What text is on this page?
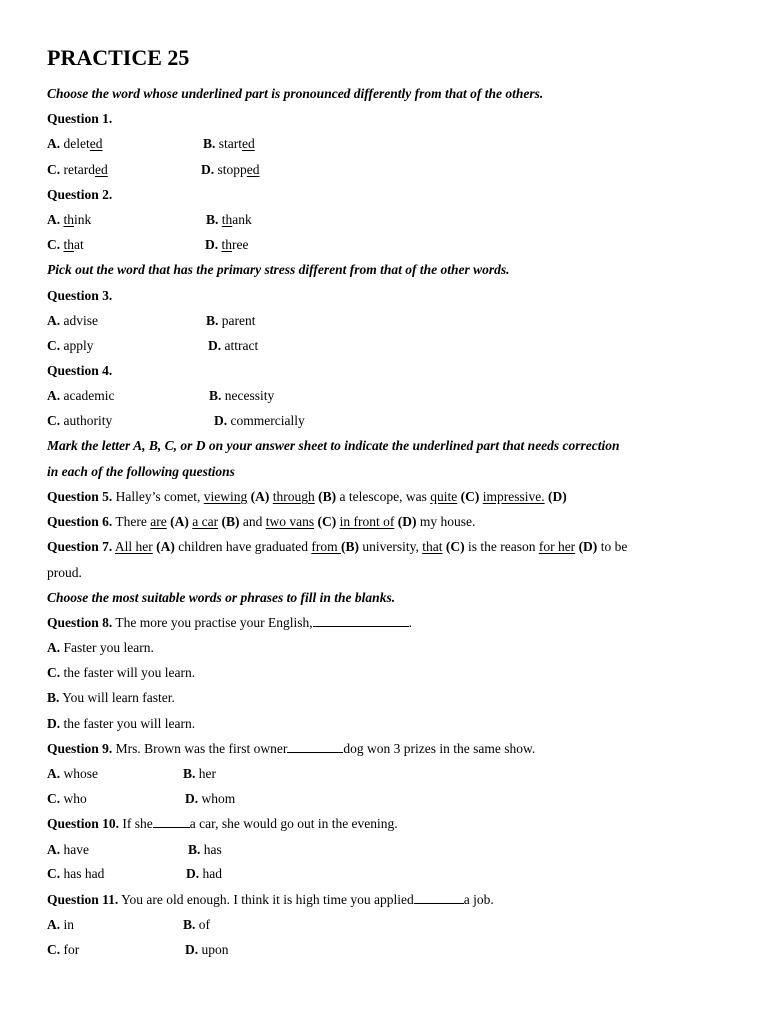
PRACTICE 25
Choose the word whose underlined part is pronounced differently from that of the others.
Question 1.
A. deleted	B. started
C. retarded	D. stopped
Question 2.
A. think	B. thank
C. that	D. three
Pick out the word that has the primary stress different from that of the other words.
Question 3.
A. advise	B. parent
C. apply	D. attract
Question 4.
A. academic	B. necessity
C. authority	D. commercially
Mark the letter A, B, C, or D on your answer sheet to indicate the underlined part that needs correction
in each of the following questions
Question 5. Halley’s comet, viewing (A) through (B) a telescope, was quite (C) impressive. (D)
Question 6. There are (A) a car (B) and two vans (C) in front of (D) my house.
Question 7. All her (A) children have graduated from (B) university, that (C) is the reason for her (D) to be
proud.
Choose the most suitable words or phrases to fill in the blanks.
Question 8. The more you practise your English,	.
A. Faster you learn.
C. the faster will you learn.
B. You will learn faster.
D. the faster you will learn.
Question 9. Mrs. Brown was the first owner	dog won 3 prizes in the same show.
A. whose	B. her
C. who	D. whom
Question 10. If she	a car, she would go out in the evening.
A. have	B. has
C. has had	D. had
Question 11. You are old enough. I think it is high time you applied	a job.
A. in	B. of
C. for	D. upon
